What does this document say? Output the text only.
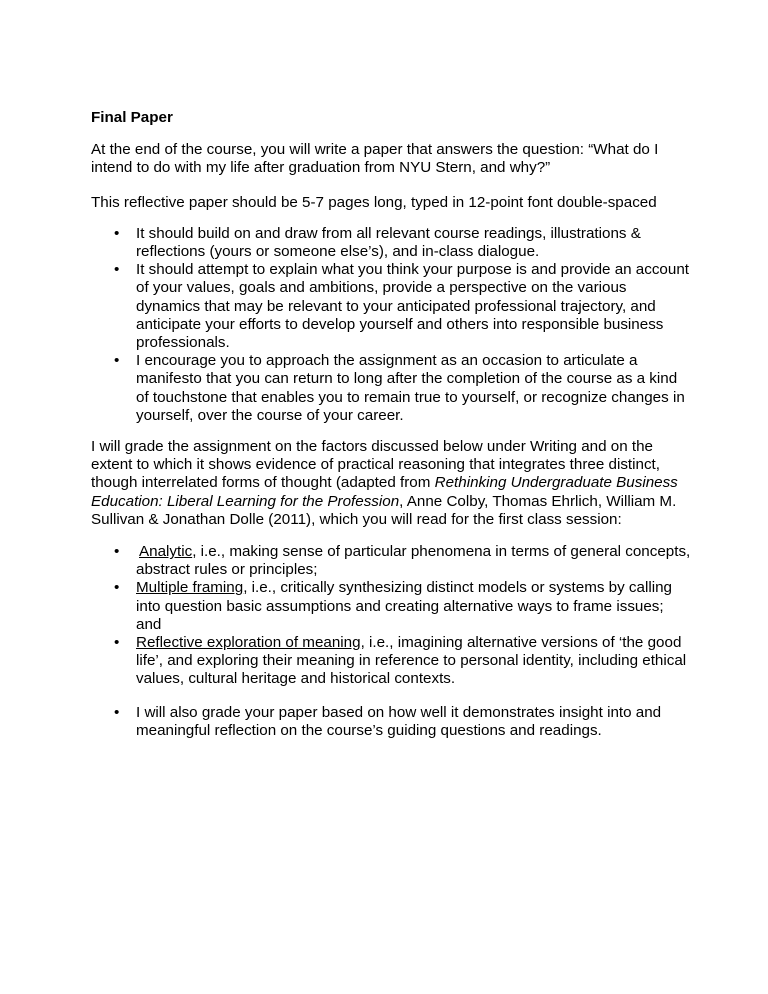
Final Paper

At the end of the course, you will write a paper that answers the question: “What do I intend to do with my life after graduation from NYU Stern, and why?”

This reflective paper should be 5-7 pages long, typed in 12-point font double-spaced

• It should build on and draw from all relevant course readings, illustrations & reflections (yours or someone else’s), and in-class dialogue.
• It should attempt to explain what you think your purpose is and provide an account of your values, goals and ambitions, provide a perspective on the various dynamics that may be relevant to your anticipated professional trajectory, and anticipate your efforts to develop yourself and others into responsible business professionals.
• I encourage you to approach the assignment as an occasion to articulate a manifesto that you can return to long after the completion of the course as a kind of touchstone that enables you to remain true to yourself, or recognize changes in yourself, over the course of your career.

I will grade the assignment on the factors discussed below under Writing and on the extent to which it shows evidence of practical reasoning that integrates three distinct, though interrelated forms of thought (adapted from Rethinking Undergraduate Business Education: Liberal Learning for the Profession, Anne Colby, Thomas Ehrlich, William M. Sullivan & Jonathan Dolle (2011), which you will read for the first class session:

• Analytic, i.e., making sense of particular phenomena in terms of general concepts, abstract rules or principles;
• Multiple framing, i.e., critically synthesizing distinct models or systems by calling into question basic assumptions and creating alternative ways to frame issues; and
• Reflective exploration of meaning, i.e., imagining alternative versions of ‘the good life’, and exploring their meaning in reference to personal identity, including ethical values, cultural heritage and historical contexts.
• I will also grade your paper based on how well it demonstrates insight into and meaningful reflection on the course’s guiding questions and readings.
